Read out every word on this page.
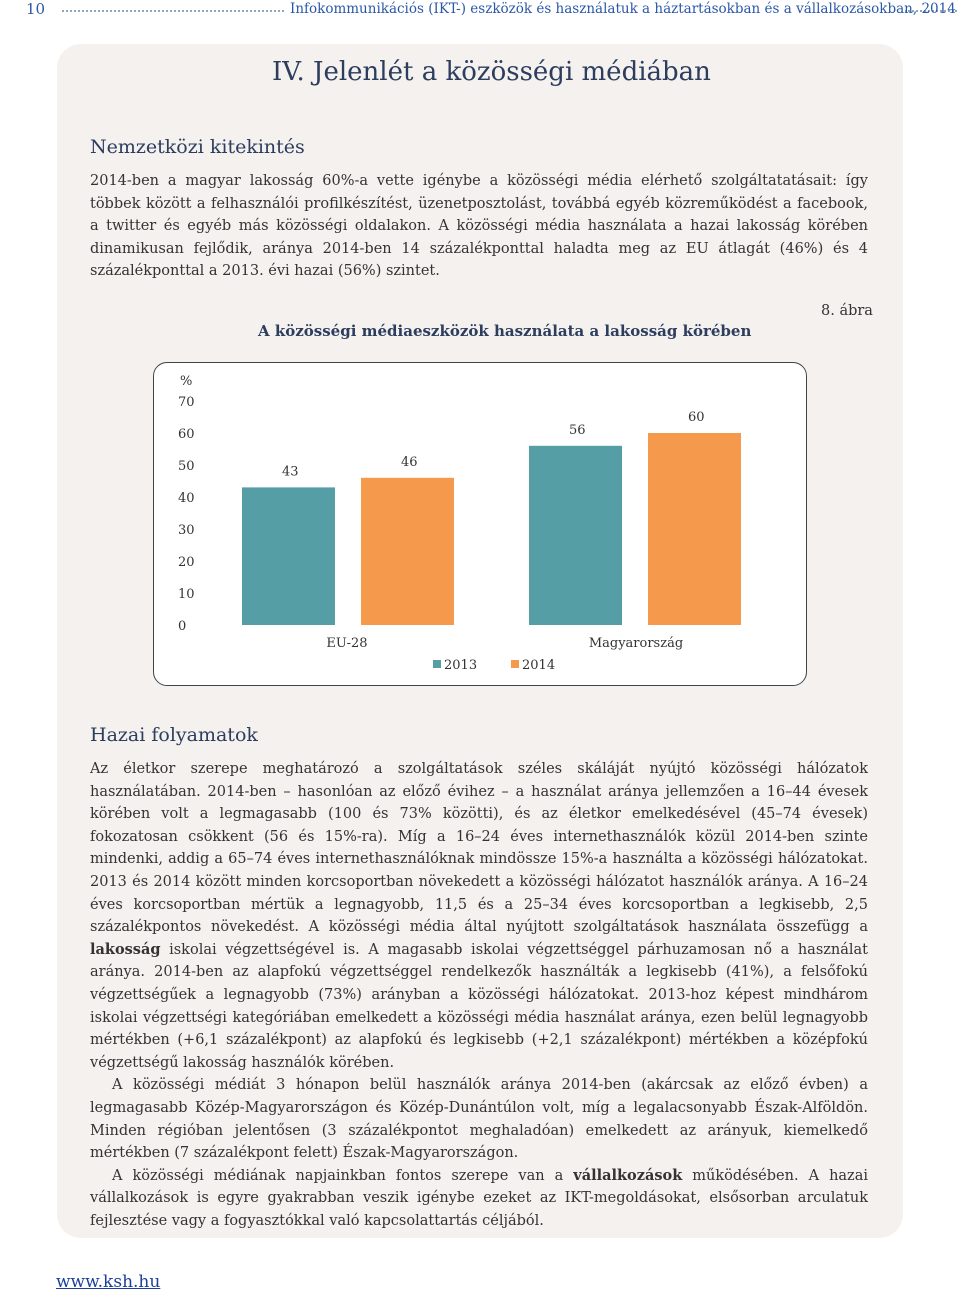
10	Infokommunikációs (IKT-) eszközök és használatuk a háztartásokban és a vállalkozásokban, 2014
IV. Jelenlét a közösségi médiában
Nemzetközi kitekintés

2014-ben a magyar lakosság 60%-a vette igénybe a közösségi média elérhető szolgáltatatásait: így többek között a felhasználói profilkészítést, üzenetposztolást, továbbá egyéb közreműködést a facebook, a twitter és egyéb más közösségi oldalakon. A közösségi média használata a hazai lakosság körében dinamikusan fejlődik, aránya 2014-ben 14 százalékponttal haladta meg az EU átlagát (46%) és 4 százalékponttal a 2013. évi hazai (56%) szintet.

A közösségi médiaeszközök használata a lakosság körében
8. ábra
%
0
10
20
30
40
50
60
70
43
56
46
60
EU-28	Magyarország
2013	2014
Hazai folyamatok

Az életkor szerepe meghatározó a szolgáltatások széles skáláját nyújtó közösségi hálózatok használatában. 2014-ben – hasonlóan az előző évihez – a használat aránya jellemzően a 16–44 évesek körében volt a legmagasabb (100 és 73% közötti), és az életkor emelkedésével (45–74 évesek) fokozatosan csökkent (56 és 15%-ra). Míg a 16–24 éves internethasználók közül 2014-ben szinte mindenki, addig a 65–74 éves internethasználóknak mindössze 15%-a használta a közösségi hálózatokat. 2013 és 2014 között minden korcsoportban növekedett a közösségi hálózatot használók aránya. A 16–24 éves korcsoportban mértük a legnagyobb, 11,5 és a 25–34 éves korcsoportban a legkisebb, 2,5 százalékpontos növekedést. A közösségi média által nyújtott szolgáltatások használata összefügg a lakosság iskolai végzettségével is. A magasabb iskolai végzettséggel párhuzamosan nő a használat aránya. 2014-ben az alapfokú végzettséggel rendelkezők használták a legkisebb (41%), a felsőfokú végzettségűek a legnagyobb (73%) arányban a közösségi hálózatokat. 2013-hoz képest mindhárom iskolai végzettségi kategóriában emelkedett a közösségi média használat aránya, ezen belül legnagyobb mértékben (+6,1 százalékpont) az alapfokú és legkisebb (+2,1 százalékpont) mértékben a középfokú végzettségű lakosság használók körében.

A közösségi médiát 3 hónapon belül használók aránya 2014-ben (akárcsak az előző évben) a legmagasabb Közép-Magyarországon és Közép-Dunántúlon volt, míg a legalacsonyabb Észak-Alföldön. Minden régióban jelentősen (3 százalékpontot meghaladóan) emelkedett az arányuk, kiemelkedő mértékben (7 százalékpont felett) Észak-Magyarországon.

A közösségi médiának napjainkban fontos szerepe van a vállalkozások működésében. A hazai vállalkozások is egyre gyakrabban veszik igénybe ezeket az IKT-megoldásokat, elsősorban arculatuk fejlesztése vagy a fogyasztókkal való kapcsolattartás céljából.

www.ksh.hu
